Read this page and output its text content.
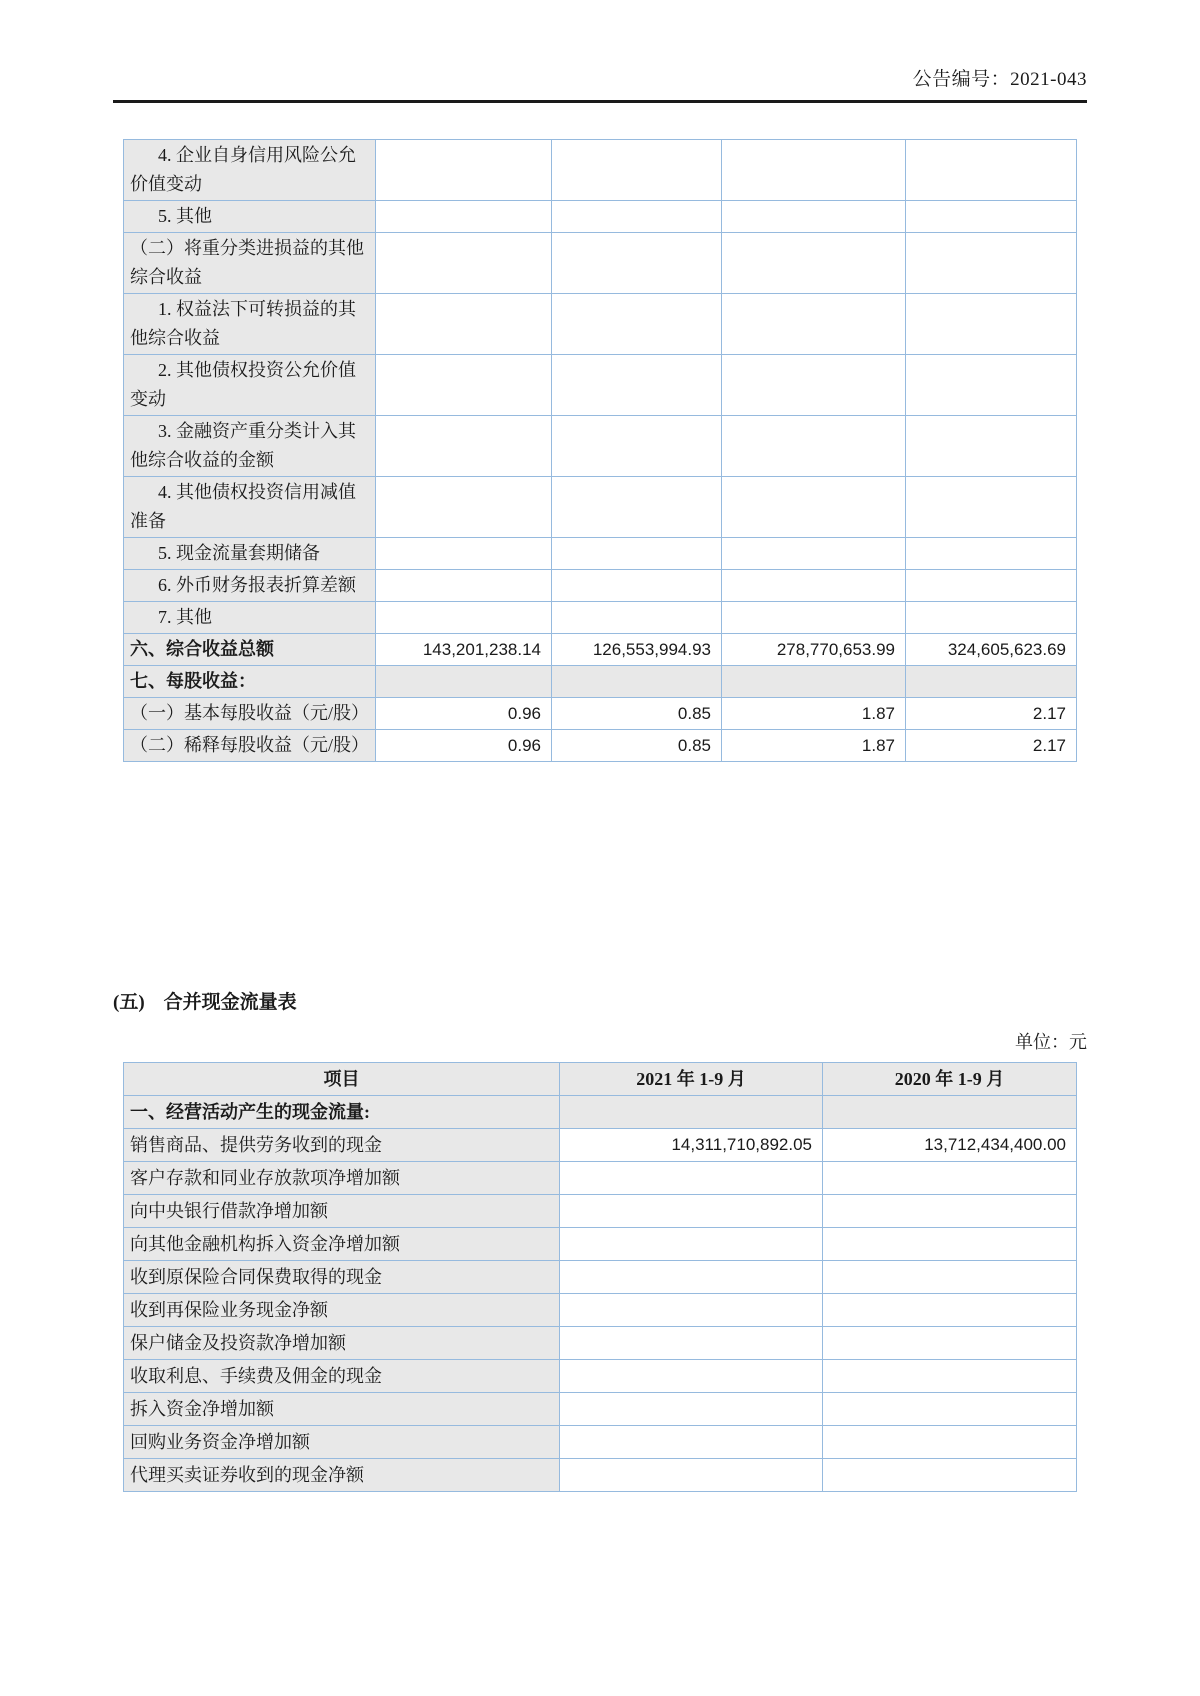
公告编号：2021-043

4. 企业自身信用风险公允价值变动				

5. 其他				

（二）将重分类进损益的其他综合收益				

1. 权益法下可转损益的其他综合收益				

2. 其他债权投资公允价值变动				

3. 金融资产重分类计入其他综合收益的金额				

4. 其他债权投资信用减值准备				

5. 现金流量套期储备				

6. 外币财务报表折算差额				

7. 其他				

六、综合收益总额	143,201,238.14	126,553,994.93	278,770,653.99	324,605,623.69

七、每股收益：				

（一）基本每股收益（元/股）	0.96	0.85	1.87	2.17

（二）稀释每股收益（元/股）	0.96	0.85	1.87	2.17
(五)　合并现金流量表
单位：元
项目	2021 年 1-9 月	2020 年 1-9 月

一、经营活动产生的现金流量:		

销售商品、提供劳务收到的现金	14,311,710,892.05	13,712,434,400.00

客户存款和同业存放款项净增加额		

向中央银行借款净增加额		

向其他金融机构拆入资金净增加额		

收到原保险合同保费取得的现金		

收到再保险业务现金净额		

保户储金及投资款净增加额		

收取利息、手续费及佣金的现金		

拆入资金净增加额		

回购业务资金净增加额		

代理买卖证券收到的现金净额		
